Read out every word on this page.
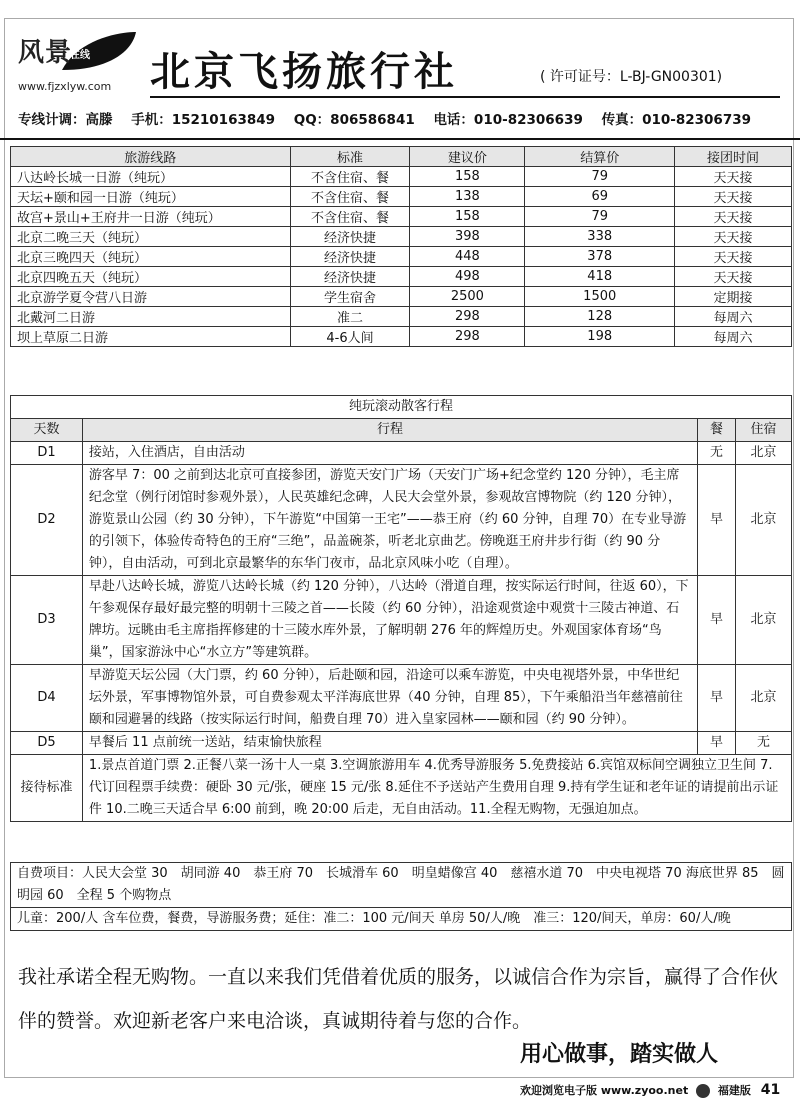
风景
在线
www.fjzxlyw.com 北京飞扬旅行社	( 许可证号：L-BJ-GN00301)
专线计调：高滕 手机：15210163849 QQ：806586841 电话：010-82306639 传真：010-82306739
旅游线路	标准	建议价	结算价	接团时间
八达岭长城一日游（纯玩）	不含住宿、餐	158	79	天天接
天坛+颐和园一日游（纯玩）	不含住宿、餐	138	69	天天接
故宫+景山+王府井一日游（纯玩）	不含住宿、餐	158	79	天天接
北京二晚三天（纯玩）	经济快捷	398	338	天天接
北京三晚四天（纯玩）	经济快捷	448	378	天天接
北京四晚五天（纯玩）	经济快捷	498	418	天天接
北京游学夏令营八日游	学生宿舍	2500	1500	定期接
北戴河二日游	准二	298	128	每周六
坝上草原二日游	4-6人间	298	198	每周六
纯玩滚动散客行程			
天数	行程	餐	住宿
D1	接站，入住酒店，自由活动	无	北京
D2	游客早 7：00 之前到达北京可直接参团，游览天安门广场（天安门广场+纪念堂约 120 分钟），毛主席纪念堂（例行闭馆时参观外景），人民英雄纪念碑，人民大会堂外景，参观故宫博物院（约 120 分钟），游览景山公园（约 30 分钟），下午游览“中国第一王宅”——恭王府（约 60 分钟，自理 70）在专业导游的引领下，体验传奇特色的王府“三绝”，品盖碗茶，听老北京曲艺。傍晚逛王府井步行街（约 90 分钟），自由活动，可到北京最繁华的东华门夜市，品北京风味小吃（自理）。	早	北京
D3	早赴八达岭长城，游览八达岭长城（约 120 分钟），八达岭（滑道自理，按实际运行时间，往返 60），下午参观保存最好最完整的明朝十三陵之首——长陵（约 60 分钟），沿途观赏途中观赏十三陵古神道、石牌坊。远眺由毛主席指挥修建的十三陵水库外景，了解明朝 276 年的辉煌历史。外观国家体育场“鸟巢”，国家游泳中心“水立方”等建筑群。	早	北京
D4	早游览天坛公园（大门票，约 60 分钟），后赴颐和园，沿途可以乘车游览，中央电视塔外景，中华世纪坛外景，军事博物馆外景，可自费参观太平洋海底世界（40 分钟，自理 85），下午乘船沿当年慈禧前往颐和园避暑的线路（按实际运行时间，船费自理 70）进入皇家园林——颐和园（约 90 分钟）。	早	北京
D5	早餐后 11 点前统一送站，结束愉快旅程	早	无
接待标准	1.景点首道门票 2.正餐八菜一汤十人一桌 3.空调旅游用车 4.优秀导游服务 5.免费接站 6.宾馆双标间空调独立卫生间 7.代订回程票手续费：硬卧 30 元/张，硬座 15 元/张 8.延住不予送站产生费用自理 9.持有学生证和老年证的请提前出示证件 10.二晚三天适合早 6:00 前到，晚 20:00 后走，无自由活动。11.全程无购物，无强迫加点。		
自费项目：人民大会堂 30　胡同游 40　恭王府 70　长城滑车 60　明皇蜡像宫 40　慈禧水道 70　中央电视塔 70 海底世界 85　圆明园 60　全程 5 个购物点
儿童：200/人 含车位费，餐费，导游服务费；延住：准二：100 元/间天 单房 50/人/晚　准三：120/间天，单房：60/人/晚
我社承诺全程无购物。一直以来我们凭借着优质的服务，以诚信合作为宗旨，赢得了合作伙伴的赞誉。欢迎新老客户来电洽谈，真诚期待着与您的合作。
用心做事，踏实做人
欢迎浏览电子版 www.zyoo.net	福建版 41
